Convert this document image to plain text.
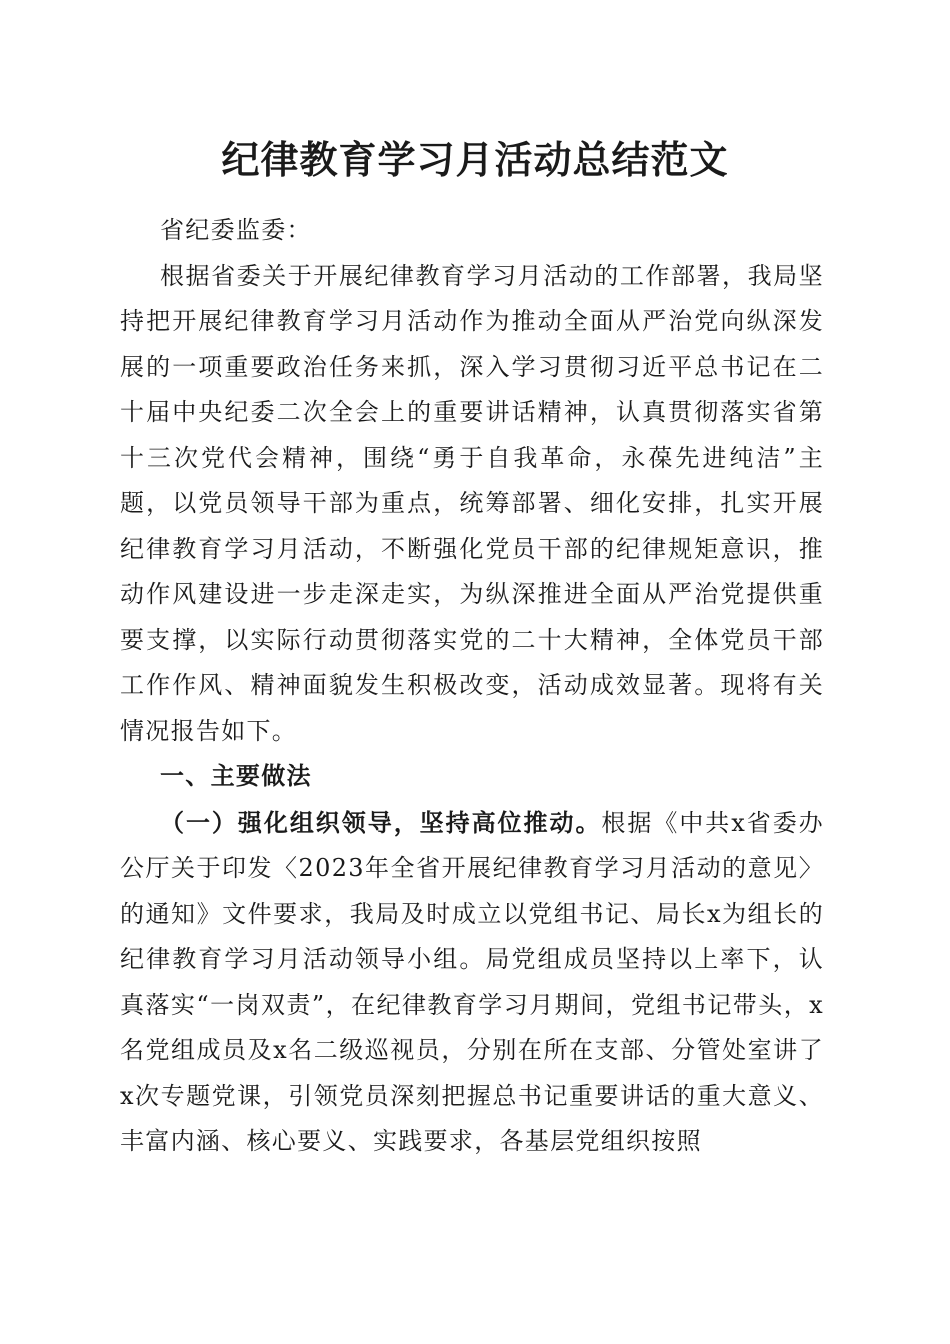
纪律教育学习月活动总结范文

省纪委监委：

根据省委关于开展纪律教育学习月活动的工作部署，我局坚持把开展纪律教育学习月活动作为推动全面从严治党向纵深发展的一项重要政治任务来抓，深入学习贯彻习近平总书记在二十届中央纪委二次全会上的重要讲话精神，认真贯彻落实省第十三次党代会精神，围绕“勇于自我革命，永葆先进纯洁”主题，以党员领导干部为重点，统筹部署、细化安排，扎实开展纪律教育学习月活动，不断强化党员干部的纪律规矩意识，推动作风建设进一步走深走实，为纵深推进全面从严治党提供重要支撑，以实际行动贯彻落实党的二十大精神，全体党员干部工作作风、精神面貌发生积极改变，活动成效显著。现将有关情况报告如下。

一、主要做法

（一）强化组织领导，坚持高位推动。根据《中共x省委办公厅关于印发〈2023年全省开展纪律教育学习月活动的意见〉的通知》文件要求，我局及时成立以党组书记、局长x为组长的纪律教育学习月活动领导小组。局党组成员坚持以上率下，认真落实“一岗双责”，在纪律教育学习月期间，党组书记带头，x名党组成员及x名二级巡视员，分别在所在支部、分管处室讲了x次专题党课，引领党员深刻把握总书记重要讲话的重大意义、丰富内涵、核心要义、实践要求，各基层党组织按照
